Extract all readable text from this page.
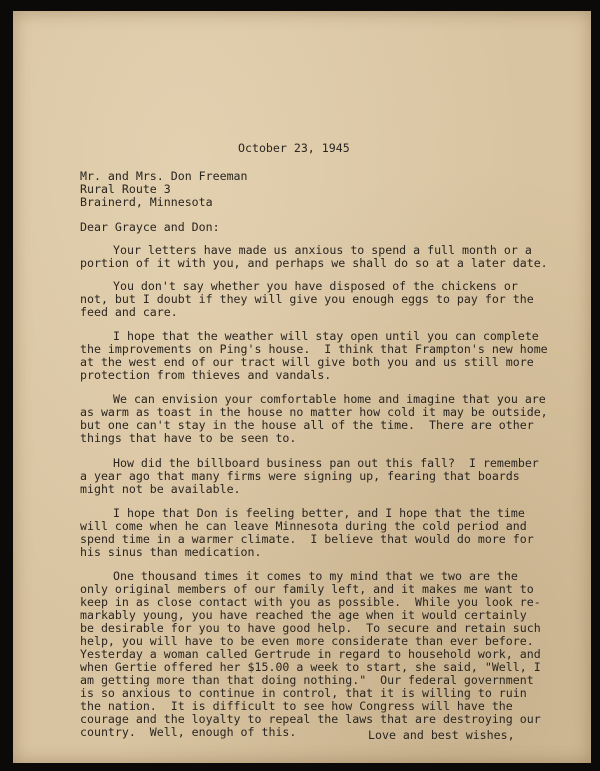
October 23, 1945

Mr. and Mrs. Don Freeman

Rural Route 3

Brainerd, Minnesota

Dear Grayce and Don:

Your letters have made us anxious to spend a full month or a

portion of it with you, and perhaps we shall do so at a later date.

You don't say whether you have disposed of the chickens or

not, but I doubt if they will give you enough eggs to pay for the

feed and care.

I hope that the weather will stay open until you can complete

the improvements on Ping's house.  I think that Frampton's new home

at the west end of our tract will give both you and us still more

protection from thieves and vandals.

We can envision your comfortable home and imagine that you are

as warm as toast in the house no matter how cold it may be outside,

but one can't stay in the house all of the time.  There are other

things that have to be seen to.

How did the billboard business pan out this fall?  I remember

a year ago that many firms were signing up, fearing that boards

might not be available.

I hope that Don is feeling better, and I hope that the time

will come when he can leave Minnesota during the cold period and

spend time in a warmer climate.  I believe that would do more for

his sinus than medication.

One thousand times it comes to my mind that we two are the

only original members of our family left, and it makes me want to

keep in as close contact with you as possible.  While you look re-

markably young, you have reached the age when it would certainly

be desirable for you to have good help.  To secure and retain such

help, you will have to be even more considerate than ever before.

Yesterday a woman called Gertrude in regard to household work, and

when Gertie offered her $15.00 a week to start, she said, "Well, I

am getting more than that doing nothing."  Our federal government

is so anxious to continue in control, that it is willing to ruin

the nation.  It is difficult to see how Congress will have the

courage and the loyalty to repeal the laws that are destroying our

country.  Well, enough of this.	Love and best wishes,
